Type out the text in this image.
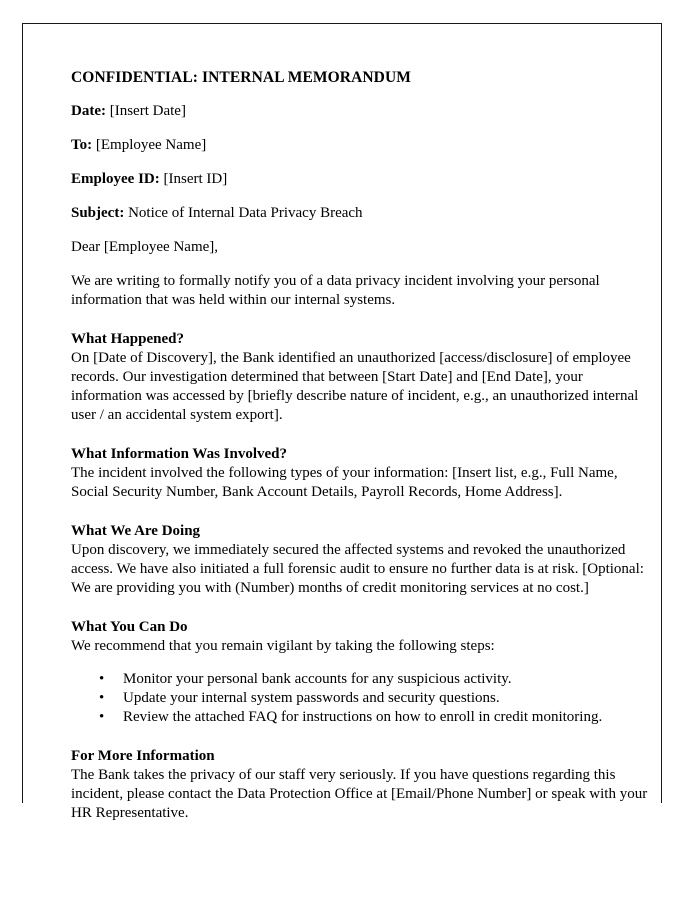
CONFIDENTIAL: INTERNAL MEMORANDUM
Date: [Insert Date]
To: [Employee Name]
Employee ID: [Insert ID]
Subject: Notice of Internal Data Privacy Breach
Dear [Employee Name],
We are writing to formally notify you of a data privacy incident involving your personal information that was held within our internal systems.
What Happened?
On [Date of Discovery], the Bank identified an unauthorized [access/disclosure] of employee records. Our investigation determined that between [Start Date] and [End Date], your information was accessed by [briefly describe nature of incident, e.g., an unauthorized internal user / an accidental system export].
What Information Was Involved?
The incident involved the following types of your information: [Insert list, e.g., Full Name, Social Security Number, Bank Account Details, Payroll Records, Home Address].
What We Are Doing
Upon discovery, we immediately secured the affected systems and revoked the unauthorized access. We have also initiated a full forensic audit to ensure no further data is at risk. [Optional: We are providing you with (Number) months of credit monitoring services at no cost.]
What You Can Do
We recommend that you remain vigilant by taking the following steps:
• Monitor your personal bank accounts for any suspicious activity.
• Update your internal system passwords and security questions.
• Review the attached FAQ for instructions on how to enroll in credit monitoring.
For More Information
The Bank takes the privacy of our staff very seriously. If you have questions regarding this incident, please contact the Data Protection Office at [Email/Phone Number] or speak with your HR Representative.
